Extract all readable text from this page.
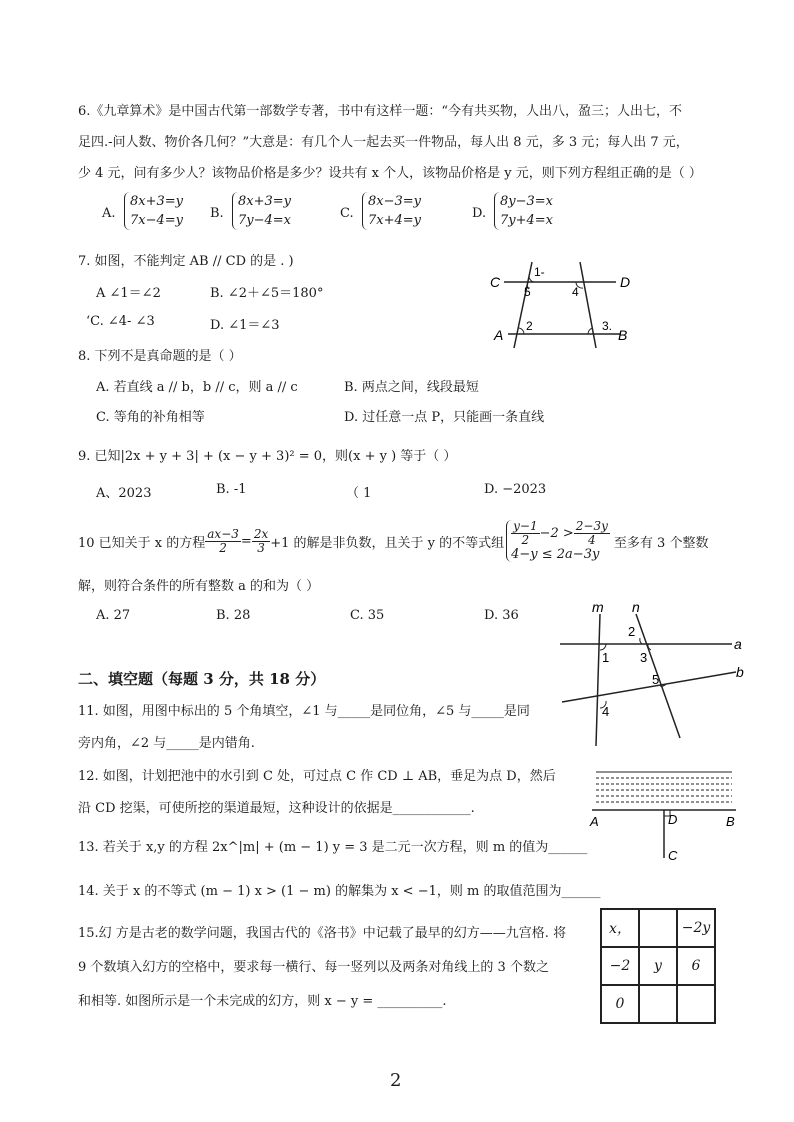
6.《九章算术》是中国古代第一部数学专著，书中有这样一题：“今有共买物，人出八，盈三；人出七，不
足四.-问人数、物价各几何？”大意是：有几个人一起去买一件物品，每人出 8 元，多 3 元；每人出 7 元，
少 4 元，问有多少人？该物品价格是多少？设共有 x 个人，该物品价格是 y 元，则下列方程组正确的是（ ）
A.
8x+3=y
7x−4=y B.
8x+3=y
7y−4=x	C.
8x−3=y
7x+4=y	D.
8y−3=x
7y+4=x
7. 如图，不能判定 AB // CD 的是 . )
A ∠1＝∠2	B. ∠2＋∠5＝180°
ʻC. ∠4- ∠3	D. ∠1＝∠3
C	D
A	B
1-
5	4
2	3.
8. 下列不是真命题的是（ ）
A. 若直线 a // b，b // c，则 a // c	B. 两点之间，线段最短
C. 等角的补角相等	D. 过任意一点 P，只能画一条直线
9. 已知|2x + y + 3| + (x − y + 3)² = 0，则(x + y ) 等于（ ）
A、2023	B. -1	（ 1	D. −2023
10 已知关于 x 的方程 $\frac{ax-3}{2} = \frac{2x}{3} +1$ 的解是非负数，且关于 y 的不等式组 $\frac{y-1}{2} -2 > \frac{2-3y}{4}$
4−y ≤ 2a−3y
至多有 3 个整数
解，则符合条件的所有整数 a 的和为（ ）
A. 27	B. 28	C. 35	D. 36
m n
a
b
1
2
3
5
4
二、填空题（每题 3 分，共 18 分）
11. 如图，用图中标出的 5 个角填空，∠1 与_____是同位角，∠5 与_____是同
旁内角，∠2 与_____是内错角.
12. 如图，计划把池中的水引到 C 处，可过点 C 作 CD ⊥ AB，垂足为点 D，然后
沿 CD 挖渠，可使所挖的渠道最短，这种设计的依据是____________.
A	D	B
C
13. 若关于 x,y 的方程 2x^|m| + (m − 1) y = 3 是二元一次方程，则 m 的值为______
14. 关于 x 的不等式 (m − 1) x > (1 − m) 的解集为 x < −1，则 m 的取值范围为______
15.幻 方是古老的数学问题，我国古代的《洛书》中记载了最早的幻方——九宫格. 将
9 个数填入幻方的空格中，要求每一横行、每一竖列以及两条对角线上的 3 个数之
和相等. 如图所示是一个未完成的幻方，则 x − y = __________.
x，		−2y
−2	y	6
0		
2
